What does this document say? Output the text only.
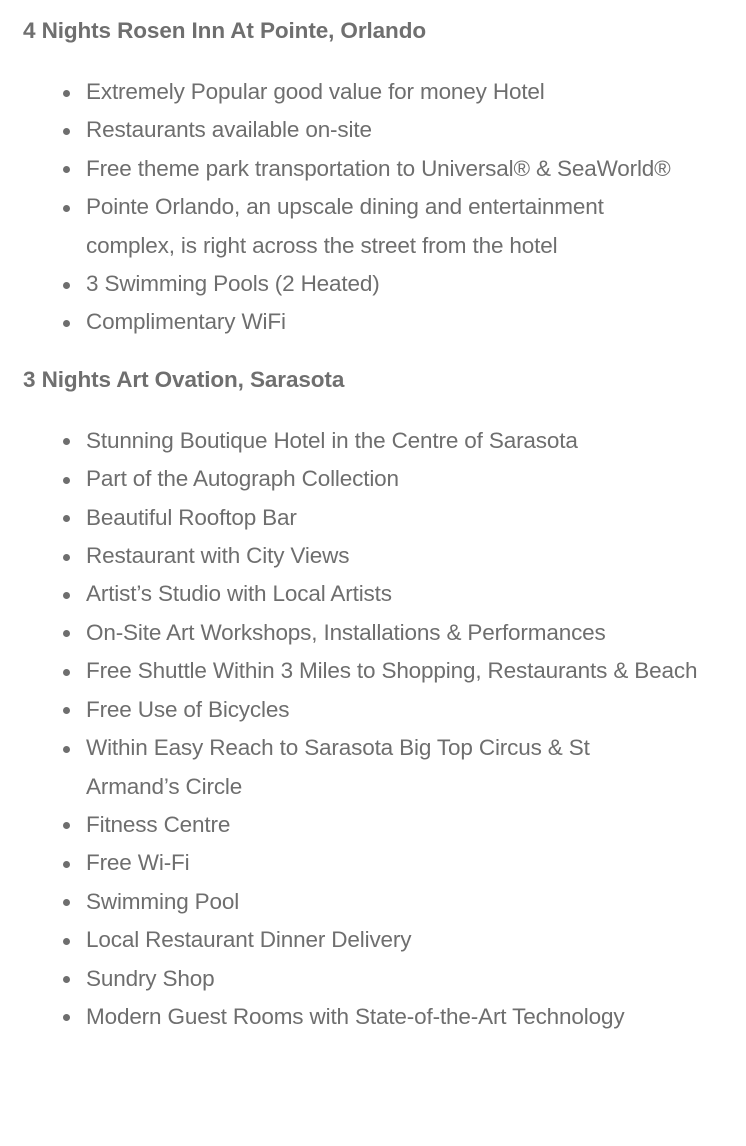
4 Nights Rosen Inn At Pointe, Orlando
Extremely Popular good value for money Hotel
Restaurants available on-site
Free theme park transportation to Universal® & SeaWorld®
Pointe Orlando, an upscale dining and entertainment complex, is right across the street from the hotel
3 Swimming Pools (2 Heated)
Complimentary WiFi
3 Nights Art Ovation, Sarasota
Stunning Boutique Hotel in the Centre of Sarasota
Part of the Autograph Collection
Beautiful Rooftop Bar
Restaurant with City Views
Artist’s Studio with Local Artists
On-Site Art Workshops, Installations & Performances
Free Shuttle Within 3 Miles to Shopping, Restaurants & Beach
Free Use of Bicycles
Within Easy Reach to Sarasota Big Top Circus & St Armand’s Circle
Fitness Centre
Free Wi-Fi
Swimming Pool
Local Restaurant Dinner Delivery
Sundry Shop
Modern Guest Rooms with State-of-the-Art Technology
